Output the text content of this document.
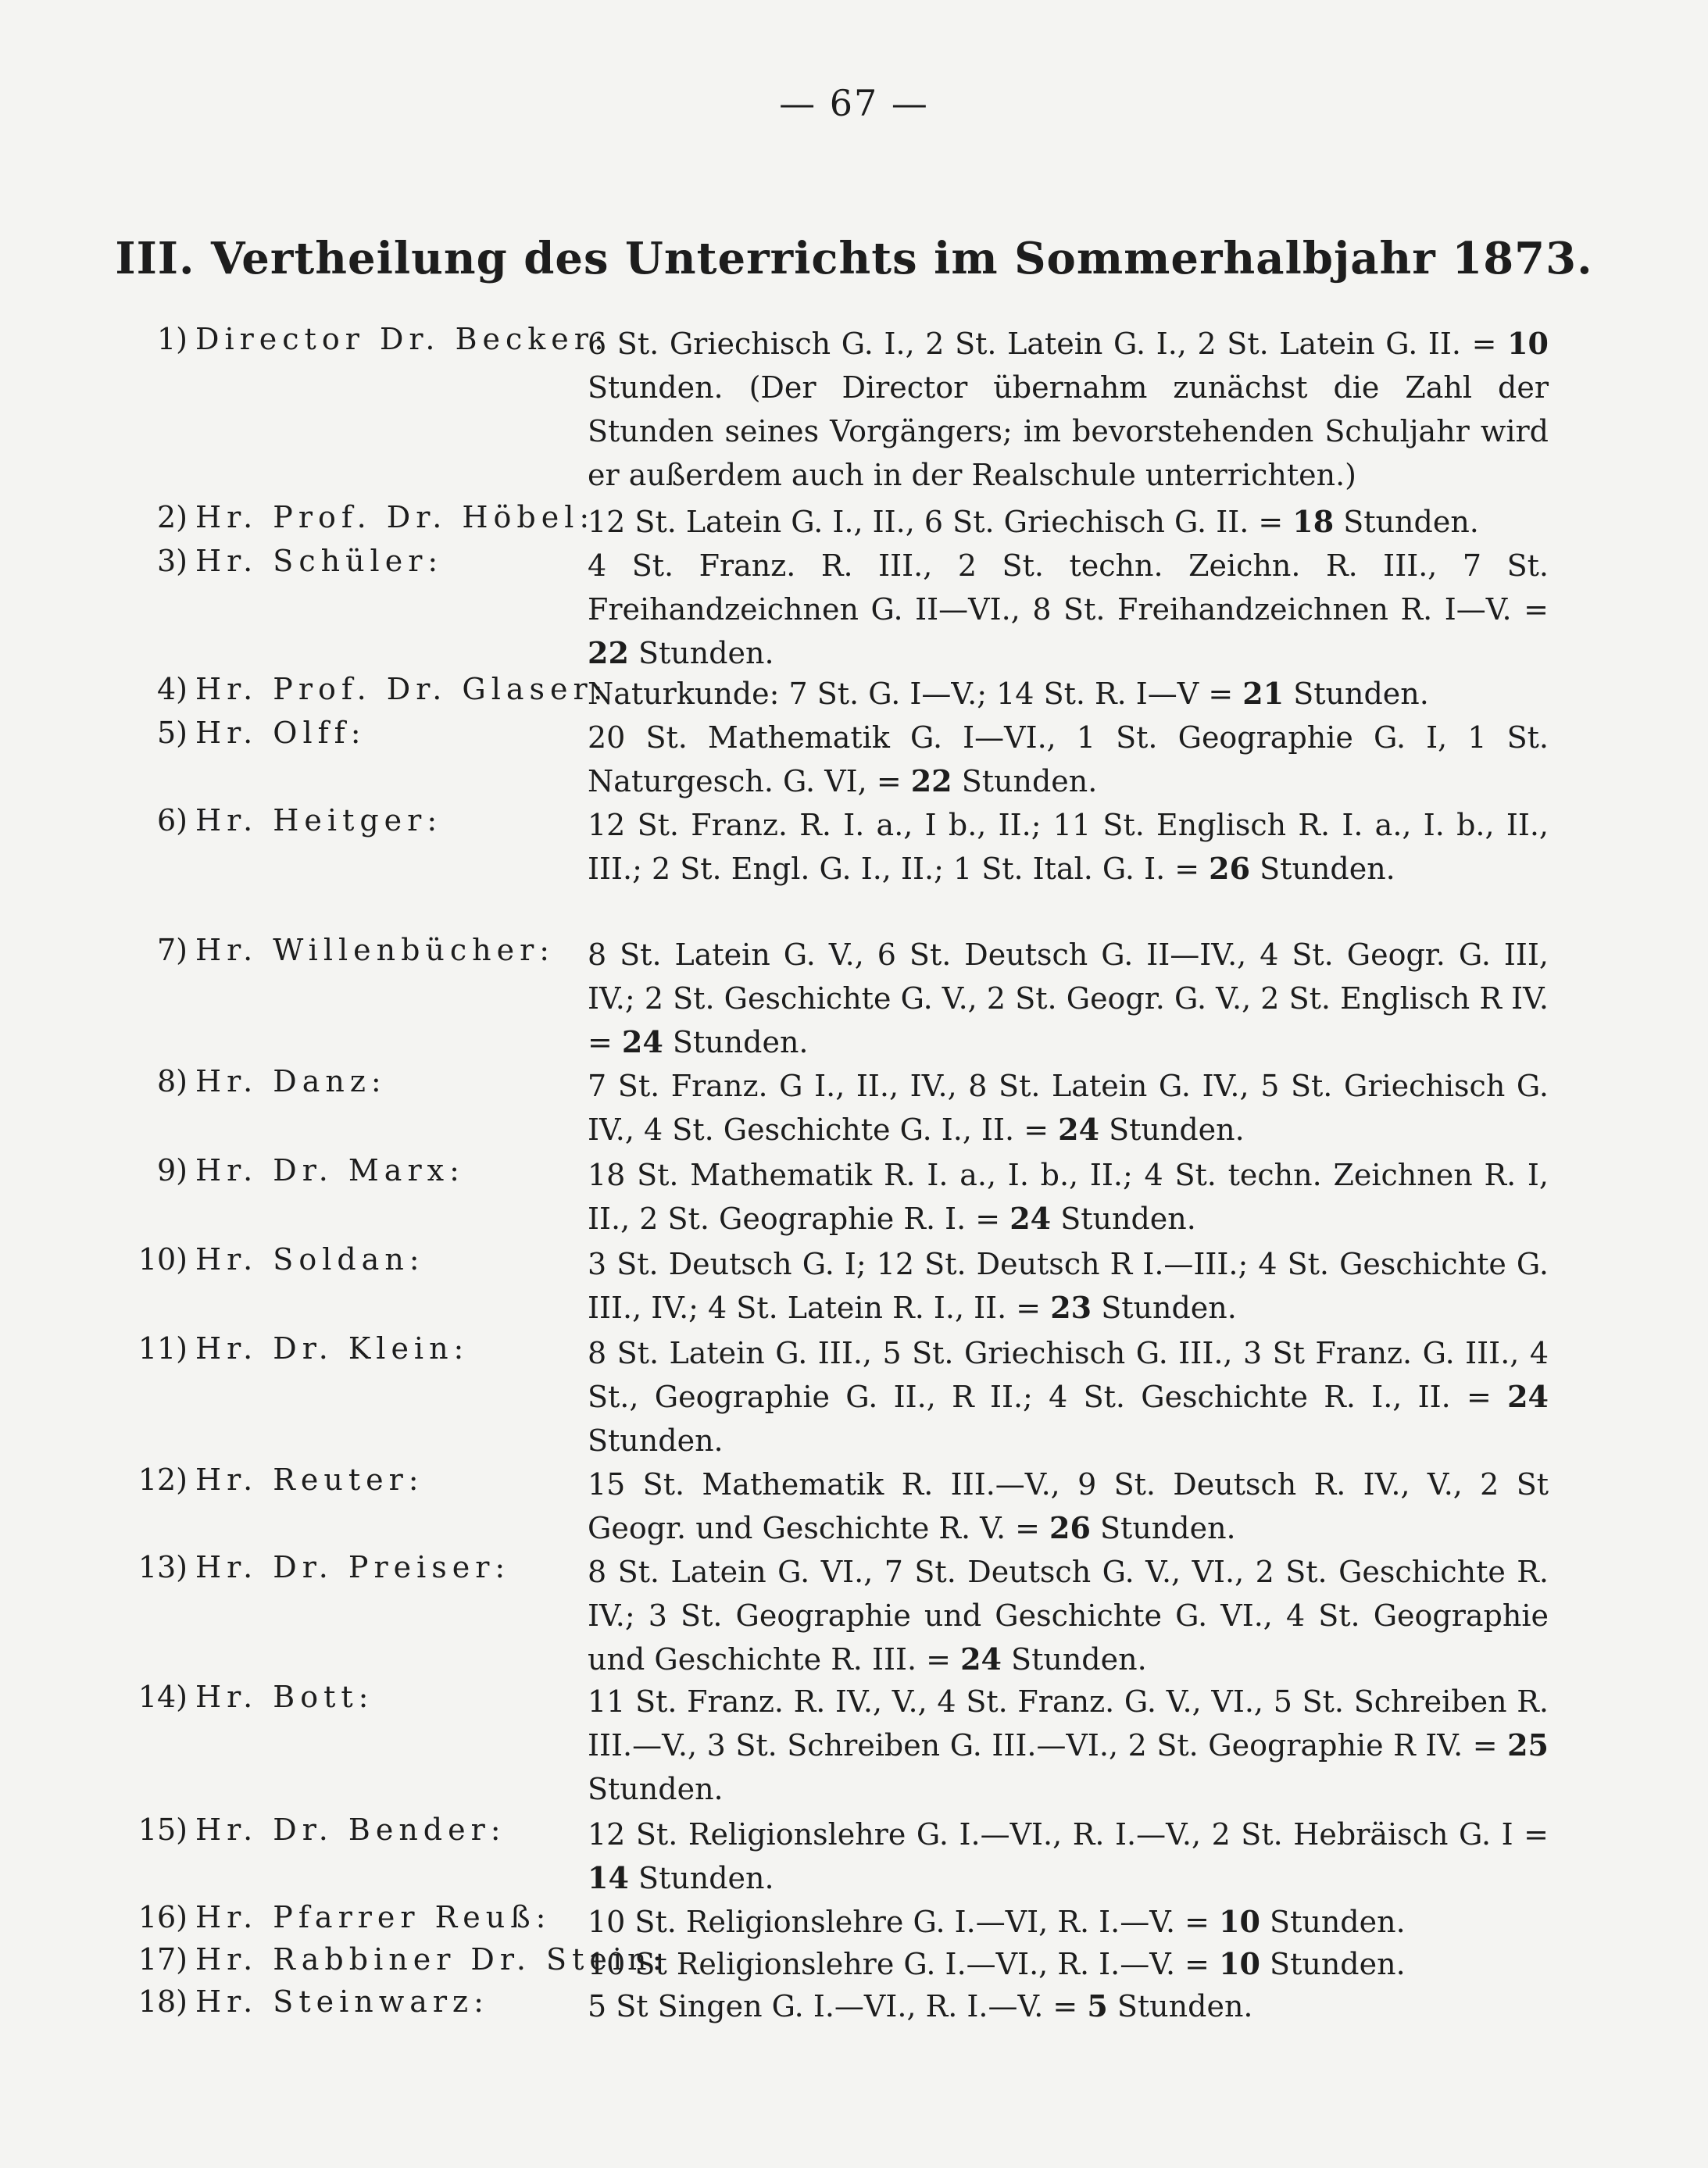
— 67 —
III. Vertheilung des Unterrichts im Sommerhalbjahr 1873.
1) Director Dr. Becker:
6 St. Griechisch G. I., 2 St. Latein G. I., 2 St. Latein G. II. = 10 Stunden. (Der Director übernahm zunächst die Zahl der Stunden seines Vorgängers; im bevorstehenden Schuljahr wird er außerdem auch in der Realschule unterrichten.)
2) Hr. Prof. Dr. Höbel:
12 St. Latein G. I., II., 6 St. Griechisch G. II. = 18 Stunden.
3) Hr. Schüler:	4 St. Franz. R. III., 2 St. techn. Zeichn. R. III., 7 St. Freihandzeichnen G. II—VI., 8 St. Freihandzeichnen R. I—V. = 22 Stunden.
4) Hr. Prof. Dr. Glaser:
Naturkunde: 7 St. G. I—V.; 14 St. R. I—V = 21 Stunden.
5) Hr. Olff:	20 St. Mathematik G. I—VI., 1 St. Geographie G. I, 1 St. Naturgesch. G. VI, = 22 Stunden.
6) Hr. Heitger:	12 St. Franz. R. I. a., I b., II.; 11 St. Englisch R. I. a., I. b., II., III.; 2 St. Engl. G. I., II.; 1 St. Ital. G. I. = 26 Stunden.
7) Hr. Willenbücher:	8 St. Latein G. V., 6 St. Deutsch G. II—IV., 4 St. Geogr. G. III, IV.; 2 St. Geschichte G. V., 2 St. Geogr. G. V., 2 St. Englisch R IV. = 24 Stunden.
8) Hr. Danz:	7 St. Franz. G I., II., IV., 8 St. Latein G. IV., 5 St. Griechisch G. IV., 4 St. Geschichte G. I., II. = 24 Stunden.
9) Hr. Dr. Marx:	18 St. Mathematik R. I. a., I. b., II.; 4 St. techn. Zeichnen R. I, II., 2 St. Geographie R. I. = 24 Stunden.
10) Hr. Soldan:	3 St. Deutsch G. I; 12 St. Deutsch R I.—III.; 4 St. Geschichte G. III., IV.; 4 St. Latein R. I., II. = 23 Stunden.
11) Hr. Dr. Klein:	8 St. Latein G. III., 5 St. Griechisch G. III., 3 St Franz. G. III., 4 St., Geographie G. II., R II.; 4 St. Geschichte R. I., II. = 24 Stunden.
12) Hr. Reuter:	15 St. Mathematik R. III.—V., 9 St. Deutsch R. IV., V., 2 St Geogr. und Geschichte R. V. = 26 Stunden.
13) Hr. Dr. Preiser:	8 St. Latein G. VI., 7 St. Deutsch G. V., VI., 2 St. Geschichte R. IV.; 3 St. Geographie und Geschichte G. VI., 4 St. Geographie und Geschichte R. III. = 24 Stunden.
14) Hr. Bott:	11 St. Franz. R. IV., V., 4 St. Franz. G. V., VI., 5 St. Schreiben R. III.—V., 3 St. Schreiben G. III.—VI., 2 St. Geographie R IV. = 25 Stunden.
15) Hr. Dr. Bender:	12 St. Religionslehre G. I.—VI., R. I.—V., 2 St. Hebräisch G. I = 14 Stunden.
16) Hr. Pfarrer Reuß:	10 St. Religionslehre G. I.—VI, R. I.—V. = 10 Stunden.
17) Hr. Rabbiner Dr. Stein:
10 St Religionslehre G. I.—VI., R. I.—V. = 10 Stunden.
18) Hr. Steinwarz:	5 St Singen G. I.—VI., R. I.—V. = 5 Stunden.
